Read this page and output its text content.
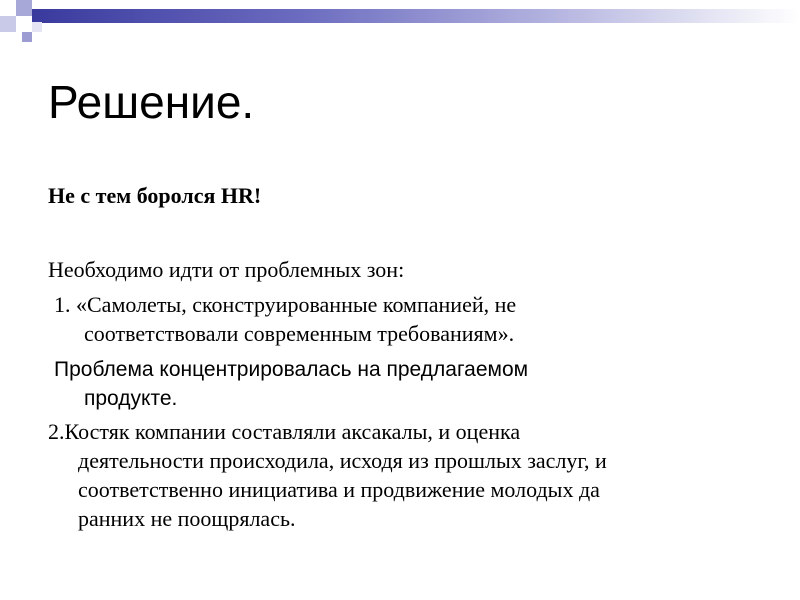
Решение.
Не с тем боролся HR!

Необходимо идти от проблемных зон:

1. «Самолеты, сконструированные компанией, не

соответствовали современным требованиям».

Проблема концентрировалась на предлагаемом

продукте.

2.Костяк компании составляли аксакалы, и оценка

деятельности происходила, исходя из прошлых заслуг, и

соответственно инициатива и продвижение молодых да

ранних не поощрялась.
